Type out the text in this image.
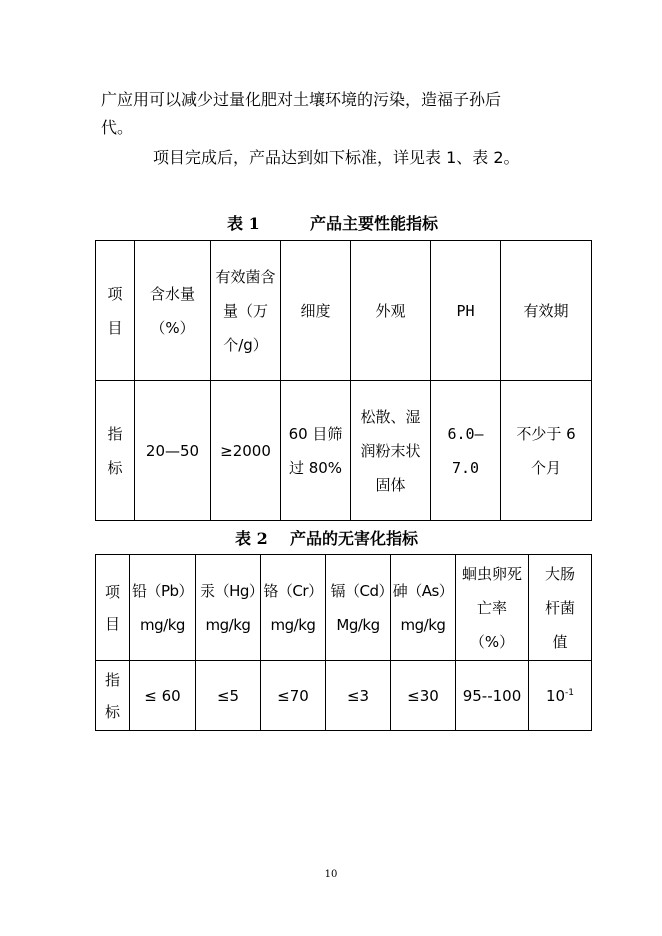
广应用可以减少过量化肥对土壤环境的污染，造福子孙后
代。
项目完成后，产品达到如下标准，详见表 1、表 2。
表 1	产品主要性能指标
项目	含水量（%）	有效菌含量（万个/g）	细度	外观	PH	有效期

指标	20—50	≥2000	60 目筛过 80%	松散、湿润粉末状固体	6.0—7.0	不少于 6 个月
表 2 产品的无害化指标
项目	铅（Pb）mg/kg	汞（Hg）mg/kg	铬（Cr）mg/kg	镉（Cd）Mg/kg	砷（As）mg/kg	蛔虫卵死亡率（%）	大肠杆菌值

指标	≤ 60	≤5	≤70	≤3	≤30	95--100	$10^{-1}$
10
